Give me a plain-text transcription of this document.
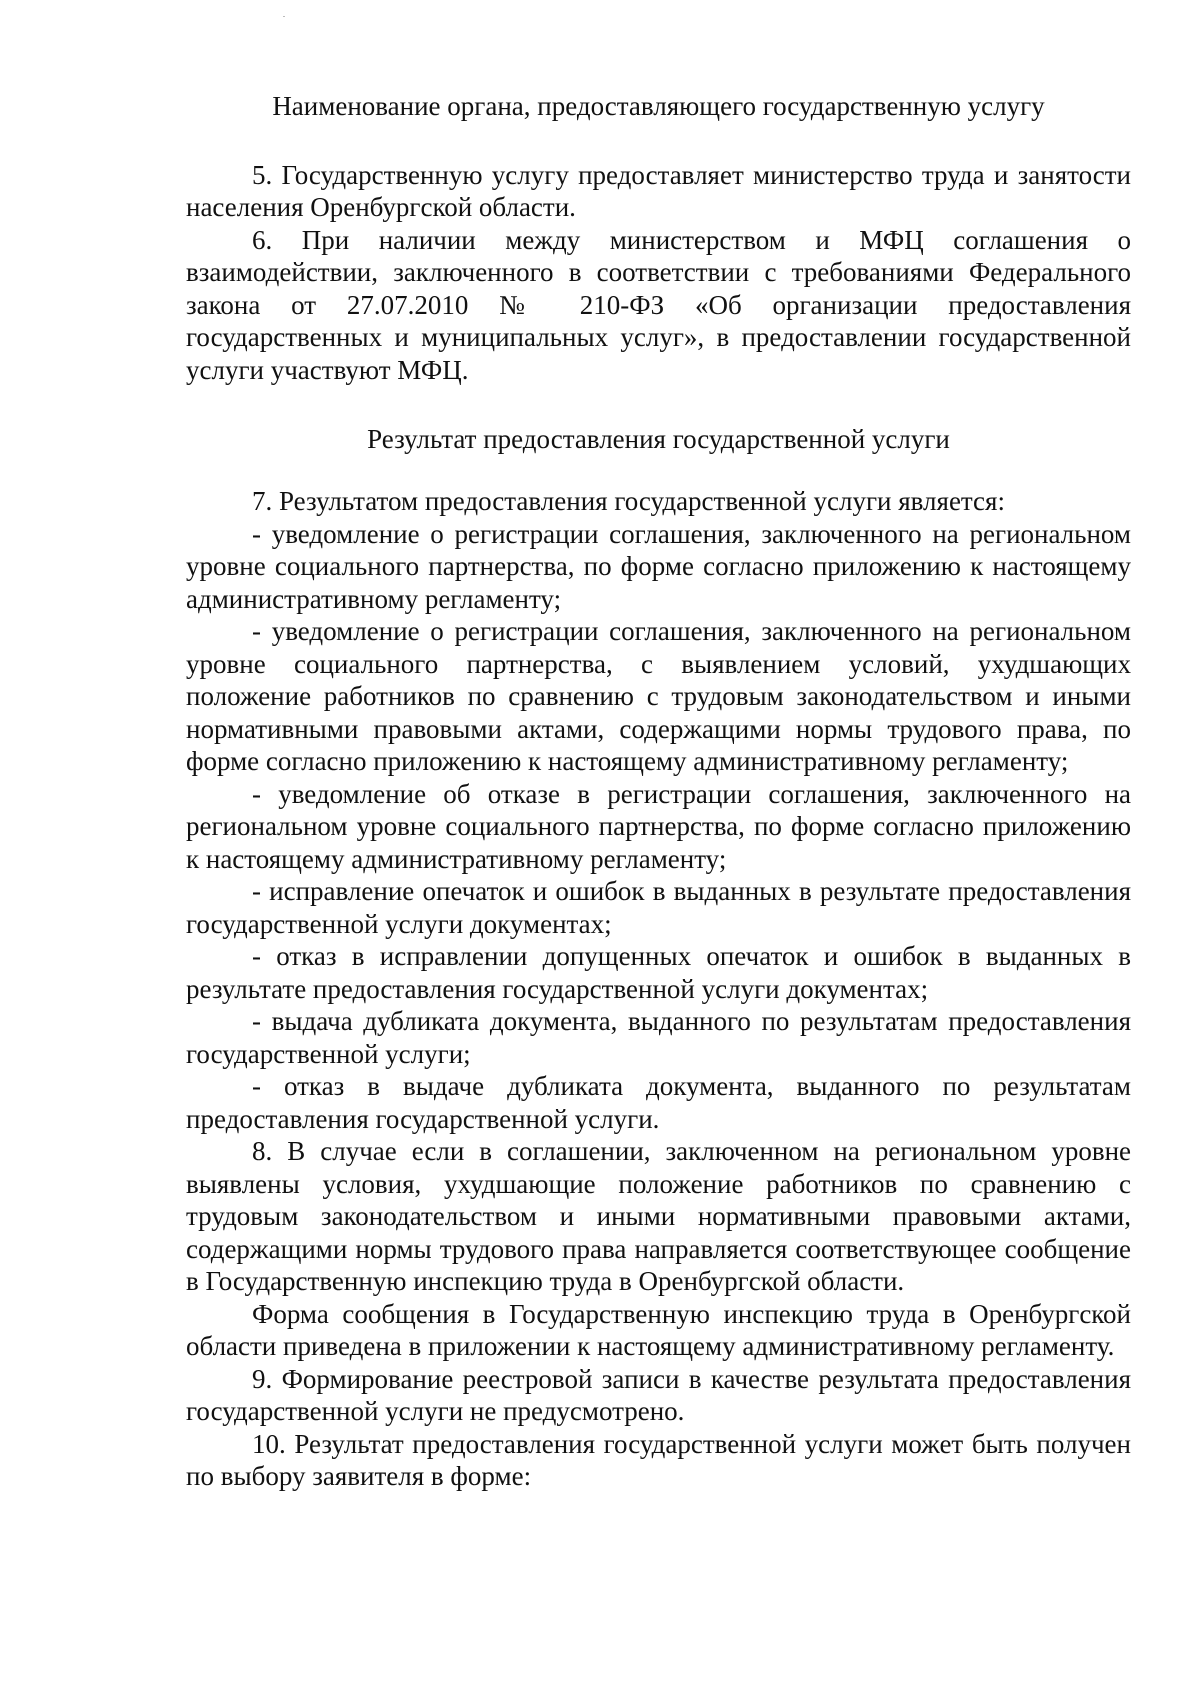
Наименование органа, предоставляющего государственную услугу

5. Государственную услугу предоставляет министерство труда и занятости населения Оренбургской области.

6. При наличии между министерством и МФЦ соглашения о взаимодействии, заключенного в соответствии с требованиями Федерального закона от 27.07.2010 № 210-ФЗ «Об организации предоставления государственных и муниципальных услуг», в предоставлении государственной услуги участвуют МФЦ.

Результат предоставления государственной услуги

7. Результатом предоставления государственной услуги является:

- уведомление о регистрации соглашения, заключенного на региональном уровне социального партнерства, по форме согласно приложению к настоящему административному регламенту;

- уведомление о регистрации соглашения, заключенного на региональном уровне социального партнерства, с выявлением условий, ухудшающих положение работников по сравнению с трудовым законодательством и иными нормативными правовыми актами, содержащими нормы трудового права, по форме согласно приложению к настоящему административному регламенту;

- уведомление об отказе в регистрации соглашения, заключенного на региональном уровне социального партнерства, по форме согласно приложению к настоящему административному регламенту;

- исправление опечаток и ошибок в выданных в результате предоставления государственной услуги документах;

- отказ в исправлении допущенных опечаток и ошибок в выданных в результате предоставления государственной услуги документах;

- выдача дубликата документа, выданного по результатам предоставления государственной услуги;

- отказ в выдаче дубликата документа, выданного по результатам предоставления государственной услуги.

8. В случае если в соглашении, заключенном на региональном уровне выявлены условия, ухудшающие положение работников по сравнению с трудовым законодательством и иными нормативными правовыми актами, содержащими нормы трудового права направляется соответствующее сообщение в Государственную инспекцию труда в Оренбургской области.

Форма сообщения в Государственную инспекцию труда в Оренбургской области приведена в приложении к настоящему административному регламенту.

9. Формирование реестровой записи в качестве результата предоставления государственной услуги не предусмотрено.

10. Результат предоставления государственной услуги может быть получен по выбору заявителя в форме:
